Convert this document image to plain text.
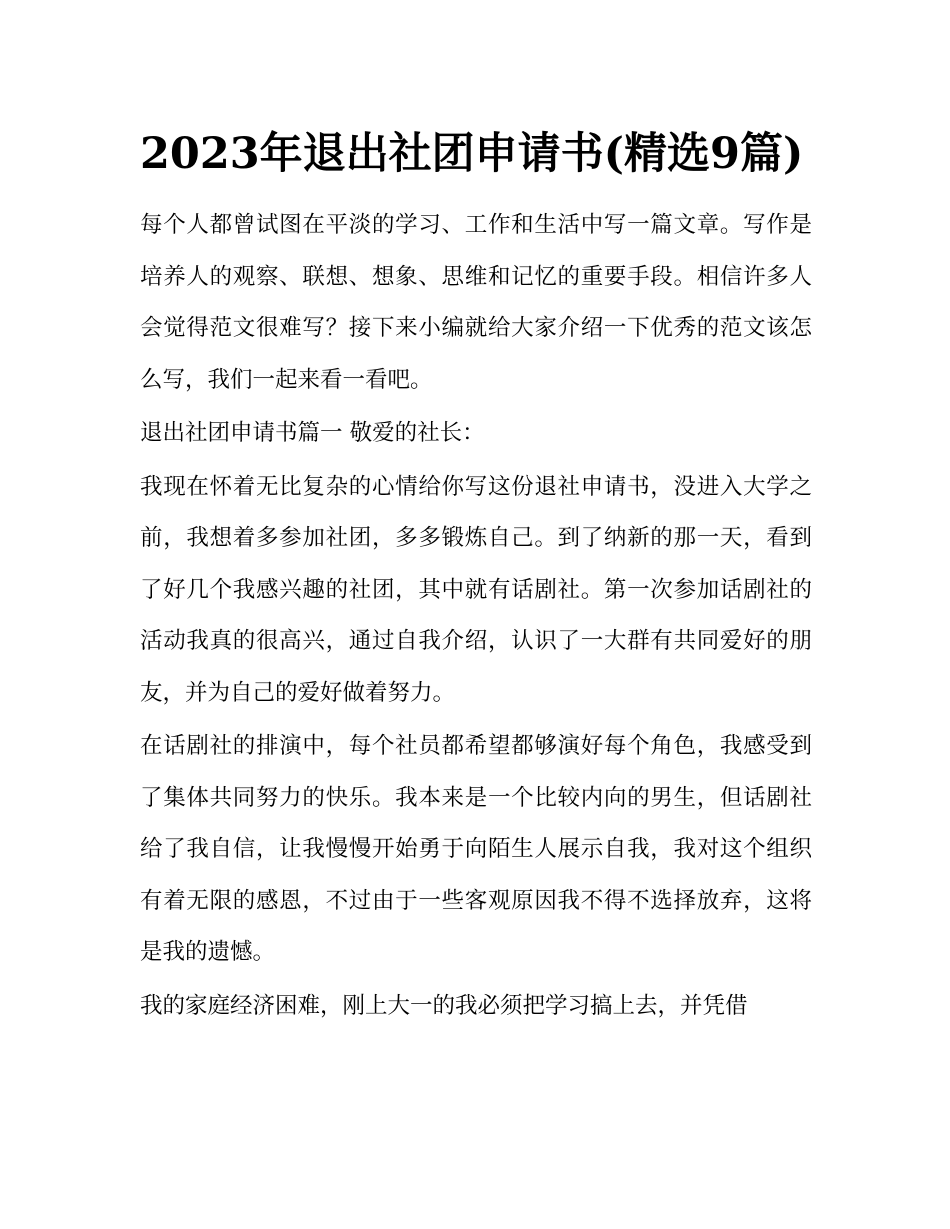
2023年退出社团申请书(精选9篇)

每个人都曾试图在平淡的学习、工作和生活中写一篇文章。写作是培养人的观察、联想、想象、思维和记忆的重要手段。相信许多人会觉得范文很难写？接下来小编就给大家介绍一下优秀的范文该怎么写，我们一起来看一看吧。

退出社团申请书篇一 敬爱的社长：

我现在怀着无比复杂的心情给你写这份退社申请书，没进入大学之前，我想着多参加社团，多多锻炼自己。到了纳新的那一天，看到了好几个我感兴趣的社团，其中就有话剧社。第一次参加话剧社的活动我真的很高兴，通过自我介绍，认识了一大群有共同爱好的朋友，并为自己的爱好做着努力。

在话剧社的排演中，每个社员都希望都够演好每个角色，我感受到了集体共同努力的快乐。我本来是一个比较内向的男生，但话剧社给了我自信，让我慢慢开始勇于向陌生人展示自我，我对这个组织有着无限的感恩，不过由于一些客观原因我不得不选择放弃，这将是我的遗憾。

我的家庭经济困难，刚上大一的我必须把学习搞上去，并凭借
